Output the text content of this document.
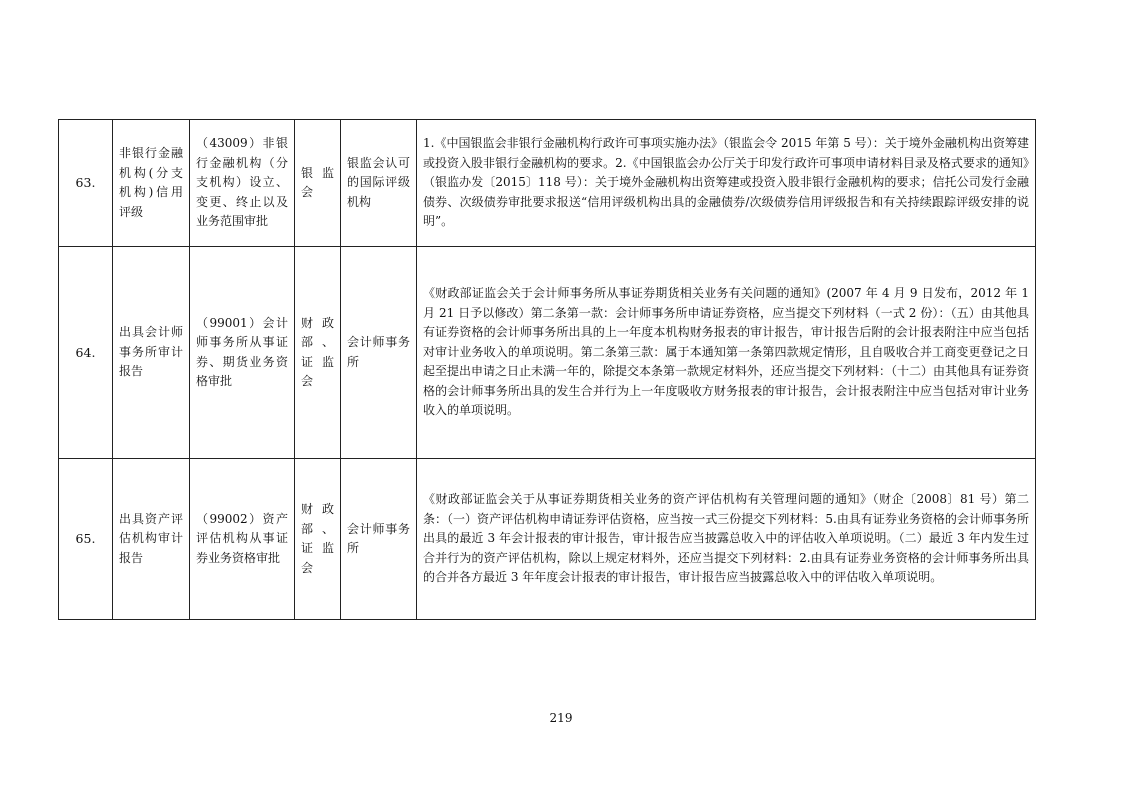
63.	非银行金融机构(分支机构)信用评级	（43009）非银行金融机构（分支机构）设立、变更、终止以及业务范围审批	银监会	银监会认可的国际评级机构	1.《中国银监会非银行金融机构行政许可事项实施办法》（银监会令 2015 年第 5 号）：关于境外金融机构出资筹建或投资入股非银行金融机构的要求。2.《中国银监会办公厅关于印发行政许可事项申请材料目录及格式要求的通知》（银监办发〔2015〕118 号）：关于境外金融机构出资筹建或投资入股非银行金融机构的要求；信托公司发行金融债券、次级债券审批要求报送“信用评级机构出具的金融债券/次级债券信用评级报告和有关持续跟踪评级安排的说明”。
64.	出具会计师事务所审计报告	（99001）会计师事务所从事证券、期货业务资格审批	财政部、证监会	会计师事务所	《财政部证监会关于会计师事务所从事证券期货相关业务有关问题的通知》(2007 年 4 月 9 日发布，2012 年 1 月 21 日予以修改）第二条第一款：会计师事务所申请证券资格，应当提交下列材料（一式 2 份）：（五）由其他具有证券资格的会计师事务所出具的上一年度本机构财务报表的审计报告，审计报告后附的会计报表附注中应当包括对审计业务收入的单项说明。第二条第三款：属于本通知第一条第四款规定情形，且自吸收合并工商变更登记之日起至提出申请之日止未满一年的，除提交本条第一款规定材料外，还应当提交下列材料：（十二）由其他具有证券资格的会计师事务所出具的发生合并行为上一年度吸收方财务报表的审计报告，会计报表附注中应当包括对审计业务收入的单项说明。
65.	出具资产评估机构审计报告	（99002）资产评估机构从事证券业务资格审批	财政部、证监会	会计师事务所	《财政部证监会关于从事证券期货相关业务的资产评估机构有关管理问题的通知》（财企〔2008〕81 号）第二条：（一）资产评估机构申请证券评估资格，应当按一式三份提交下列材料：5.由具有证券业务资格的会计师事务所出具的最近 3 年会计报表的审计报告，审计报告应当披露总收入中的评估收入单项说明。（二）最近 3 年内发生过合并行为的资产评估机构，除以上规定材料外，还应当提交下列材料：2.由具有证券业务资格的会计师事务所出具的合并各方最近 3 年年度会计报表的审计报告，审计报告应当披露总收入中的评估收入单项说明。
219
